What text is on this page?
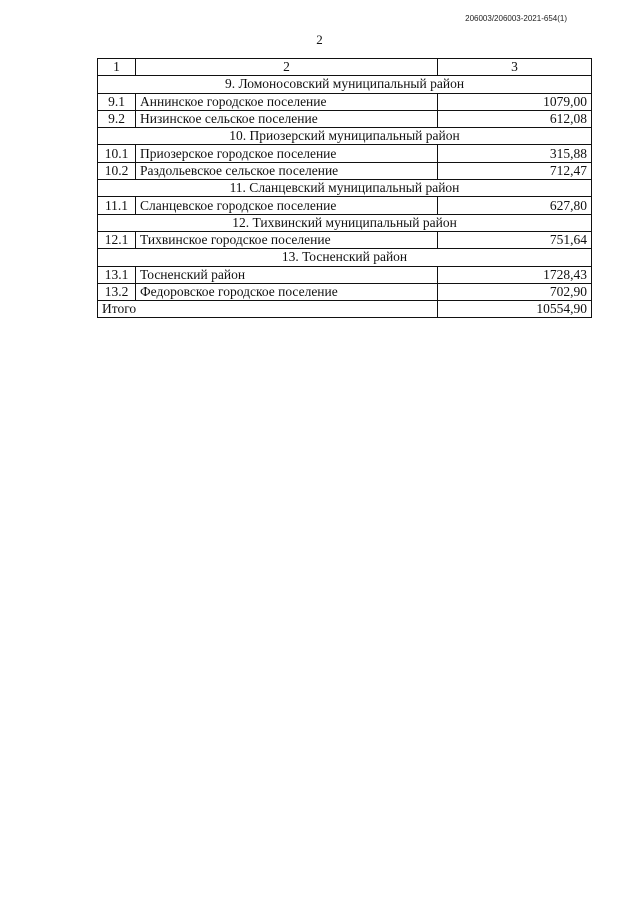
206003/206003-2021-654(1)
2
1	2	3
9. Ломоносовский муниципальный район		
9.1	Аннинское городское поселение	1079,00
9.2	Низинское сельское поселение	612,08
10. Приозерский муниципальный район		
10.1	Приозерское городское поселение	315,88
10.2	Раздольевское сельское поселение	712,47
11. Сланцевский муниципальный район		
11.1	Сланцевское городское поселение	627,80
12. Тихвинский муниципальный район		
12.1	Тихвинское городское поселение	751,64
13. Тосненский район		
13.1	Тосненский район	1728,43
13.2	Федоровское городское поселение	702,90
Итого		10554,90
